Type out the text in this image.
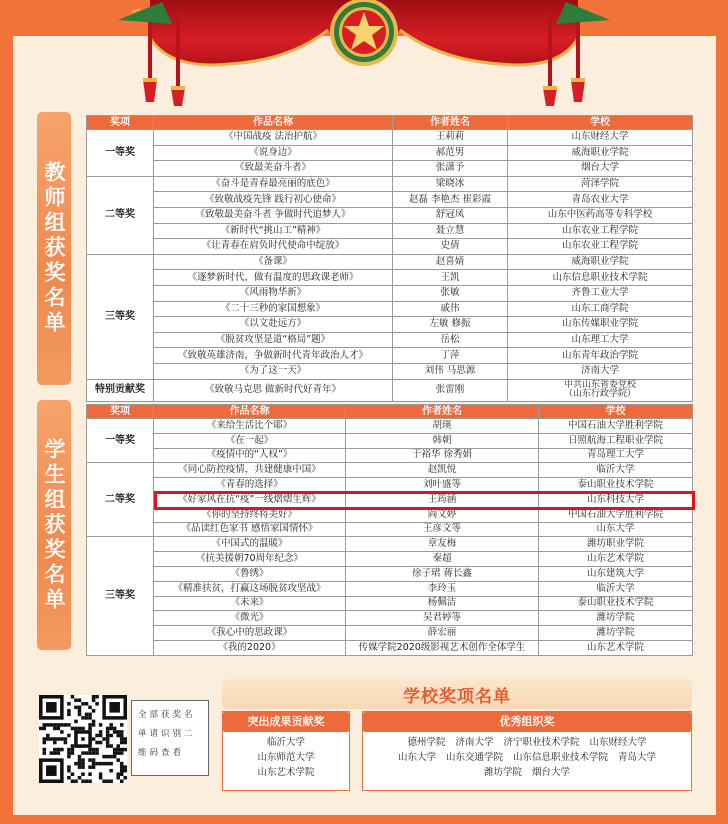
教师组获奖名单
奖项	作品名称	作者姓名	学校
一等奖	《中国战疫 法治护航》	王莉莉	山东财经大学
	《说身边》	郝范男	威海职业学院
	《致最美奋斗者》	张潇予	烟台大学
二等奖	《奋斗是青春最亮丽的底色》	梁晓冰	菏泽学院
	《致敬战疫先锋 践行初心使命》	赵磊 李艳杰 崔彩霞	青岛农业大学
	《致敬最美奋斗者 争做时代追梦人》	舒冠凤	山东中医药高等专科学校
	《新时代“挑山工”精神》	聂立慧	山东农业工程学院
	《让青春在肩负时代使命中绽放》	史倩	山东农业工程学院
三等奖	《备课》	赵喜婧	威海职业学院
	《逐梦新时代，做有温度的思政课老师》	王凯	山东信息职业技术学院
	《风雨物华新》	张敏	齐鲁工业大学
	《二十三秒的家国想象》	戚伟	山东工商学院
	《以文赴远方》	左敏 修振	山东传媒职业学院
	《脱贫攻坚是道“格局”题》	岳松	山东理工大学
	《致敬英雄济南，争做新时代青年政治人才》	丁萍	山东青年政治学院
	《为了这一天》	刘伟 马思源	济南大学
特别贡献奖	《致敬马克思 做新时代好青年》	张雷刚	中共山东省委党校
（山东行政学院）
学生组获奖名单
奖项	作品名称	作者姓名	学校
一等奖	《来给生活比个耶》	胡瑛	中国石油大学胜利学院
	《在一起》	韩朝	日照航海工程职业学院
	《疫情中的“人权”》	于裕华 徐秀娟	青岛理工大学
二等奖	《同心防控疫情，共建健康中国》	赵凯悦	临沂大学
	《青春的选择》	刘叶盛等	泰山职业技术学院
	《好家风在抗“疫”一线熠熠生辉》	王筠涵	山东科技大学
	《你的坚持终将美好》	阎文婷	中国石油大学胜利学院
	《品读红色家书 感悟家国情怀》	王彦文等	山东大学
三等奖	《中国式的温暖》	章友梅	潍坊职业学院
	《抗美援朝70周年纪念》	秦超	山东艺术学院
	《鲁绣》	徐子珺 蒋长鑫	山东建筑大学
	《精准扶贫，打赢这场脱贫攻坚战》	李玲玉	临沂大学
	《未来》	杨佩洁	泰山职业技术学院
	《微光》	吴君婷等	潍坊学院
	《我心中的思政课》	薛宏丽	潍坊学院
	《我的2020》	传媒学院2020级影视艺术创作全体学生	山东艺术学院
全部获奖名
单请识别二
维码查看
学校奖项名单
突出成果贡献奖
临沂大学
山东师范大学
山东艺术学院
优秀组织奖
德州学院 济南大学 济宁职业技术学院 山东财经大学
山东大学 山东交通学院 山东信息职业技术学院 青岛大学
潍坊学院 烟台大学
